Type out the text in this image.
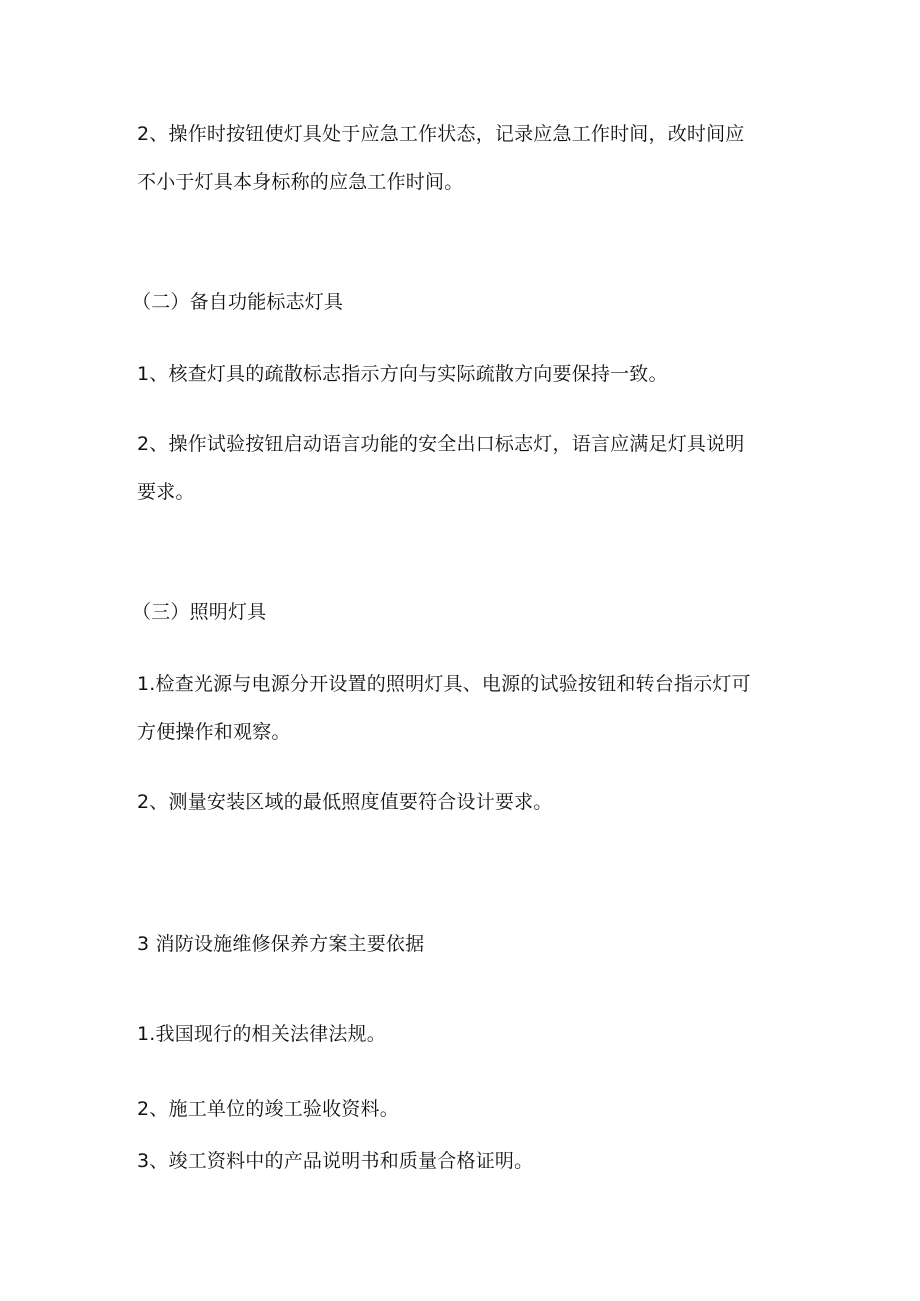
2、操作时按钮使灯具处于应急工作状态，记录应急工作时间，改时间应
不小于灯具本身标称的应急工作时间。
（二）备自功能标志灯具
1、核查灯具的疏散标志指示方向与实际疏散方向要保持一致。
2、操作试验按钮启动语言功能的安全出口标志灯，语言应满足灯具说明
要求。
（三）照明灯具
1.检查光源与电源分开设置的照明灯具、电源的试验按钮和转台指示灯可
方便操作和观察。
2、测量安装区域的最低照度值要符合设计要求。
3 消防设施维修保养方案主要依据
1.我国现行的相关法律法规。
2、施工单位的竣工验收资料。
3、竣工资料中的产品说明书和质量合格证明。
